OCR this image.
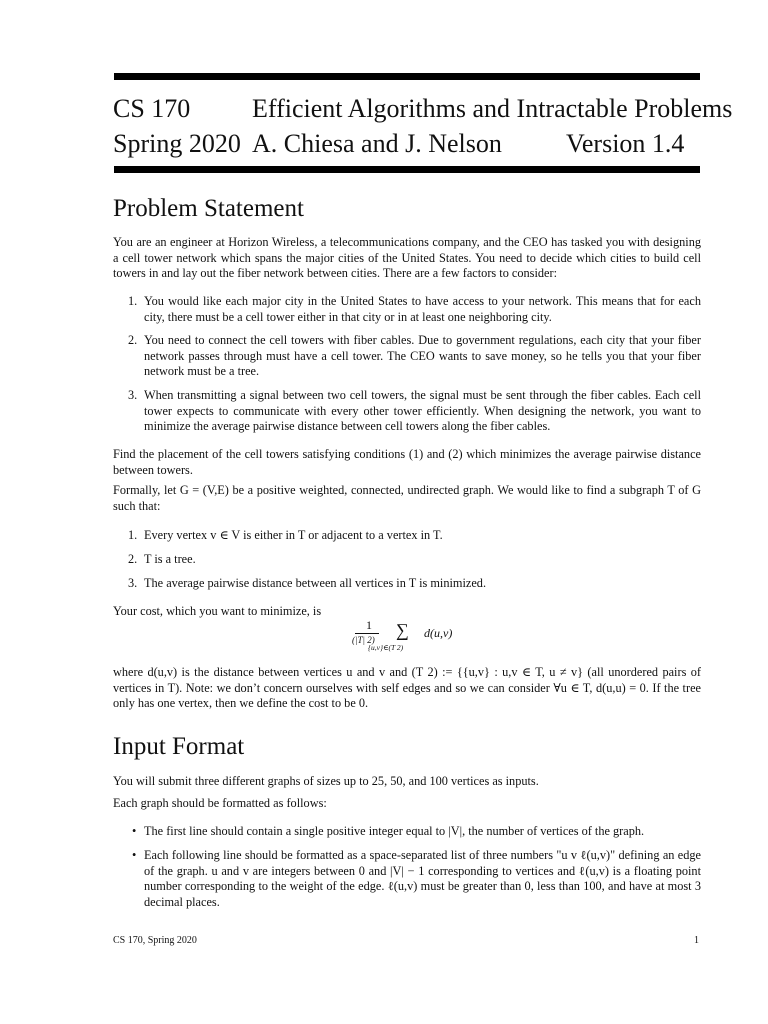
CS 170 Efficient Algorithms and Intractable Problems
Spring 2020 A. Chiesa and J. Nelson Version 1.4
Problem Statement
You are an engineer at Horizon Wireless, a telecommunications company, and the CEO has tasked you with designing a cell tower network which spans the major cities of the United States. You need to decide which cities to build cell towers in and lay out the fiber network between cities. There are a few factors to consider:
1. You would like each major city in the United States to have access to your network. This means that for each city, there must be a cell tower either in that city or in at least one neighboring city.
2. You need to connect the cell towers with fiber cables. Due to government regulations, each city that your fiber network passes through must have a cell tower. The CEO wants to save money, so he tells you that your fiber network must be a tree.
3. When transmitting a signal between two cell towers, the signal must be sent through the fiber cables. Each cell tower expects to communicate with every other tower efficiently. When designing the network, you want to minimize the average pairwise distance between cell towers along the fiber cables.
Find the placement of the cell towers satisfying conditions (1) and (2) which minimizes the average pairwise distance between towers.
Formally, let G = (V,E) be a positive weighted, connected, undirected graph. We would like to find a subgraph T of G such that:
1. Every vertex v ∈ V is either in T or adjacent to a vertex in T.
2. T is a tree.
3. The average pairwise distance between all vertices in T is minimized.
Your cost, which you want to minimize, is
1
(|T| 2) ∑
{u,v}∈(T 2)
d(u,v)
where d(u,v) is the distance between vertices u and v and (T 2) := {{u,v} : u,v ∈ T, u ≠ v} (all unordered pairs of vertices in T). Note: we don’t concern ourselves with self edges and so we can consider ∀u ∈ T, d(u,u) = 0. If the tree only has one vertex, then we define the cost to be 0.
Input Format
You will submit three different graphs of sizes up to 25, 50, and 100 vertices as inputs.
Each graph should be formatted as follows:
• The first line should contain a single positive integer equal to |V|, the number of vertices of the graph.
• Each following line should be formatted as a space-separated list of three numbers "u v ℓ(u,v)" defining an edge of the graph. u and v are integers between 0 and |V| − 1 corresponding to vertices and ℓ(u,v) is a floating point number corresponding to the weight of the edge. ℓ(u,v) must be greater than 0, less than 100, and have at most 3 decimal places.
CS 170, Spring 2020	1
